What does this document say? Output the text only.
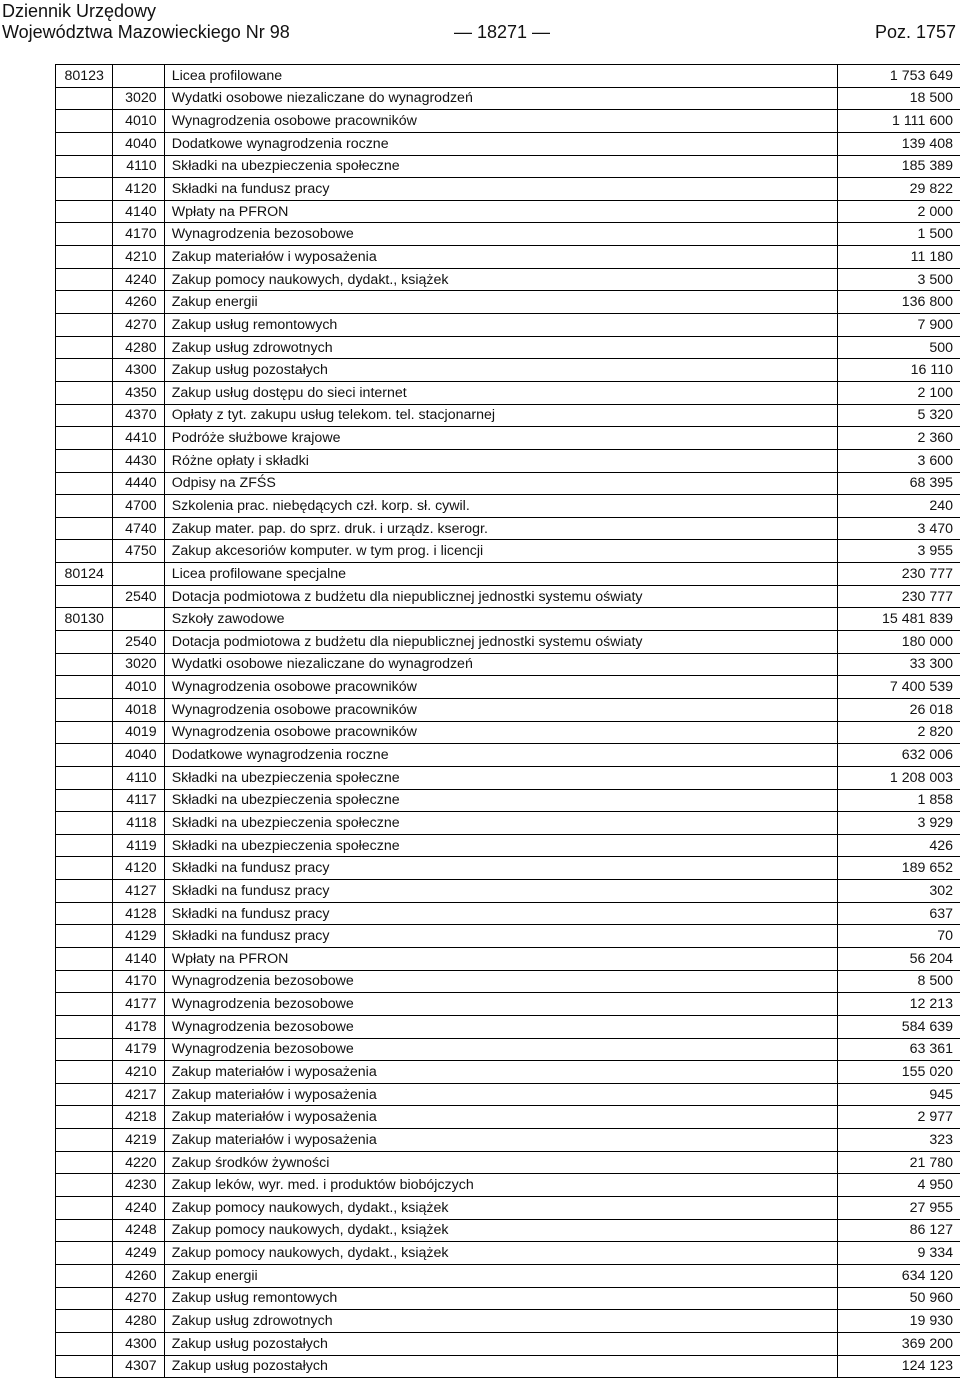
Dziennik Urzędowy
Województwa Mazowieckiego Nr 98	— 18271 —	Poz. 1757
80123		Licea profilowane	1 753 649
	3020	Wydatki osobowe niezaliczane do wynagrodzeń	18 500
	4010	Wynagrodzenia osobowe pracowników	1 111 600
	4040	Dodatkowe wynagrodzenia roczne	139 408
	4110	Składki na ubezpieczenia społeczne	185 389
	4120	Składki na fundusz pracy	29 822
	4140	Wpłaty na PFRON	2 000
	4170	Wynagrodzenia bezosobowe	1 500
	4210	Zakup materiałów i wyposażenia	11 180
	4240	Zakup pomocy naukowych, dydakt., książek	3 500
	4260	Zakup energii	136 800
	4270	Zakup usług remontowych	7 900
	4280	Zakup usług zdrowotnych	500
	4300	Zakup usług pozostałych	16 110
	4350	Zakup usług dostępu do sieci internet	2 100
	4370	Opłaty z tyt. zakupu usług telekom. tel. stacjonarnej	5 320
	4410	Podróże służbowe krajowe	2 360
	4430	Różne opłaty i składki	3 600
	4440	Odpisy na ZFŚS	68 395
	4700	Szkolenia prac. niebędących czł. korp. sł. cywil.	240
	4740	Zakup mater. pap. do sprz. druk. i urządz. kserogr.	3 470
	4750	Zakup akcesoriów komputer. w tym prog. i licencji	3 955
80124		Licea profilowane specjalne	230 777
	2540	Dotacja podmiotowa z budżetu dla niepublicznej jednostki systemu oświaty	230 777
80130		Szkoły zawodowe	15 481 839
	2540	Dotacja podmiotowa z budżetu dla niepublicznej jednostki systemu oświaty	180 000
	3020	Wydatki osobowe niezaliczane do wynagrodzeń	33 300
	4010	Wynagrodzenia osobowe pracowników	7 400 539
	4018	Wynagrodzenia osobowe pracowników	26 018
	4019	Wynagrodzenia osobowe pracowników	2 820
	4040	Dodatkowe wynagrodzenia roczne	632 006
	4110	Składki na ubezpieczenia społeczne	1 208 003
	4117	Składki na ubezpieczenia społeczne	1 858
	4118	Składki na ubezpieczenia społeczne	3 929
	4119	Składki na ubezpieczenia społeczne	426
	4120	Składki na fundusz pracy	189 652
	4127	Składki na fundusz pracy	302
	4128	Składki na fundusz pracy	637
	4129	Składki na fundusz pracy	70
	4140	Wpłaty na PFRON	56 204
	4170	Wynagrodzenia bezosobowe	8 500
	4177	Wynagrodzenia bezosobowe	12 213
	4178	Wynagrodzenia bezosobowe	584 639
	4179	Wynagrodzenia bezosobowe	63 361
	4210	Zakup materiałów i wyposażenia	155 020
	4217	Zakup materiałów i wyposażenia	945
	4218	Zakup materiałów i wyposażenia	2 977
	4219	Zakup materiałów i wyposażenia	323
	4220	Zakup środków żywności	21 780
	4230	Zakup leków, wyr. med. i produktów biobójczych	4 950
	4240	Zakup pomocy naukowych, dydakt., książek	27 955
	4248	Zakup pomocy naukowych, dydakt., książek	86 127
	4249	Zakup pomocy naukowych, dydakt., książek	9 334
	4260	Zakup energii	634 120
	4270	Zakup usług remontowych	50 960
	4280	Zakup usług zdrowotnych	19 930
	4300	Zakup usług pozostałych	369 200
	4307	Zakup usług pozostałych	124 123
